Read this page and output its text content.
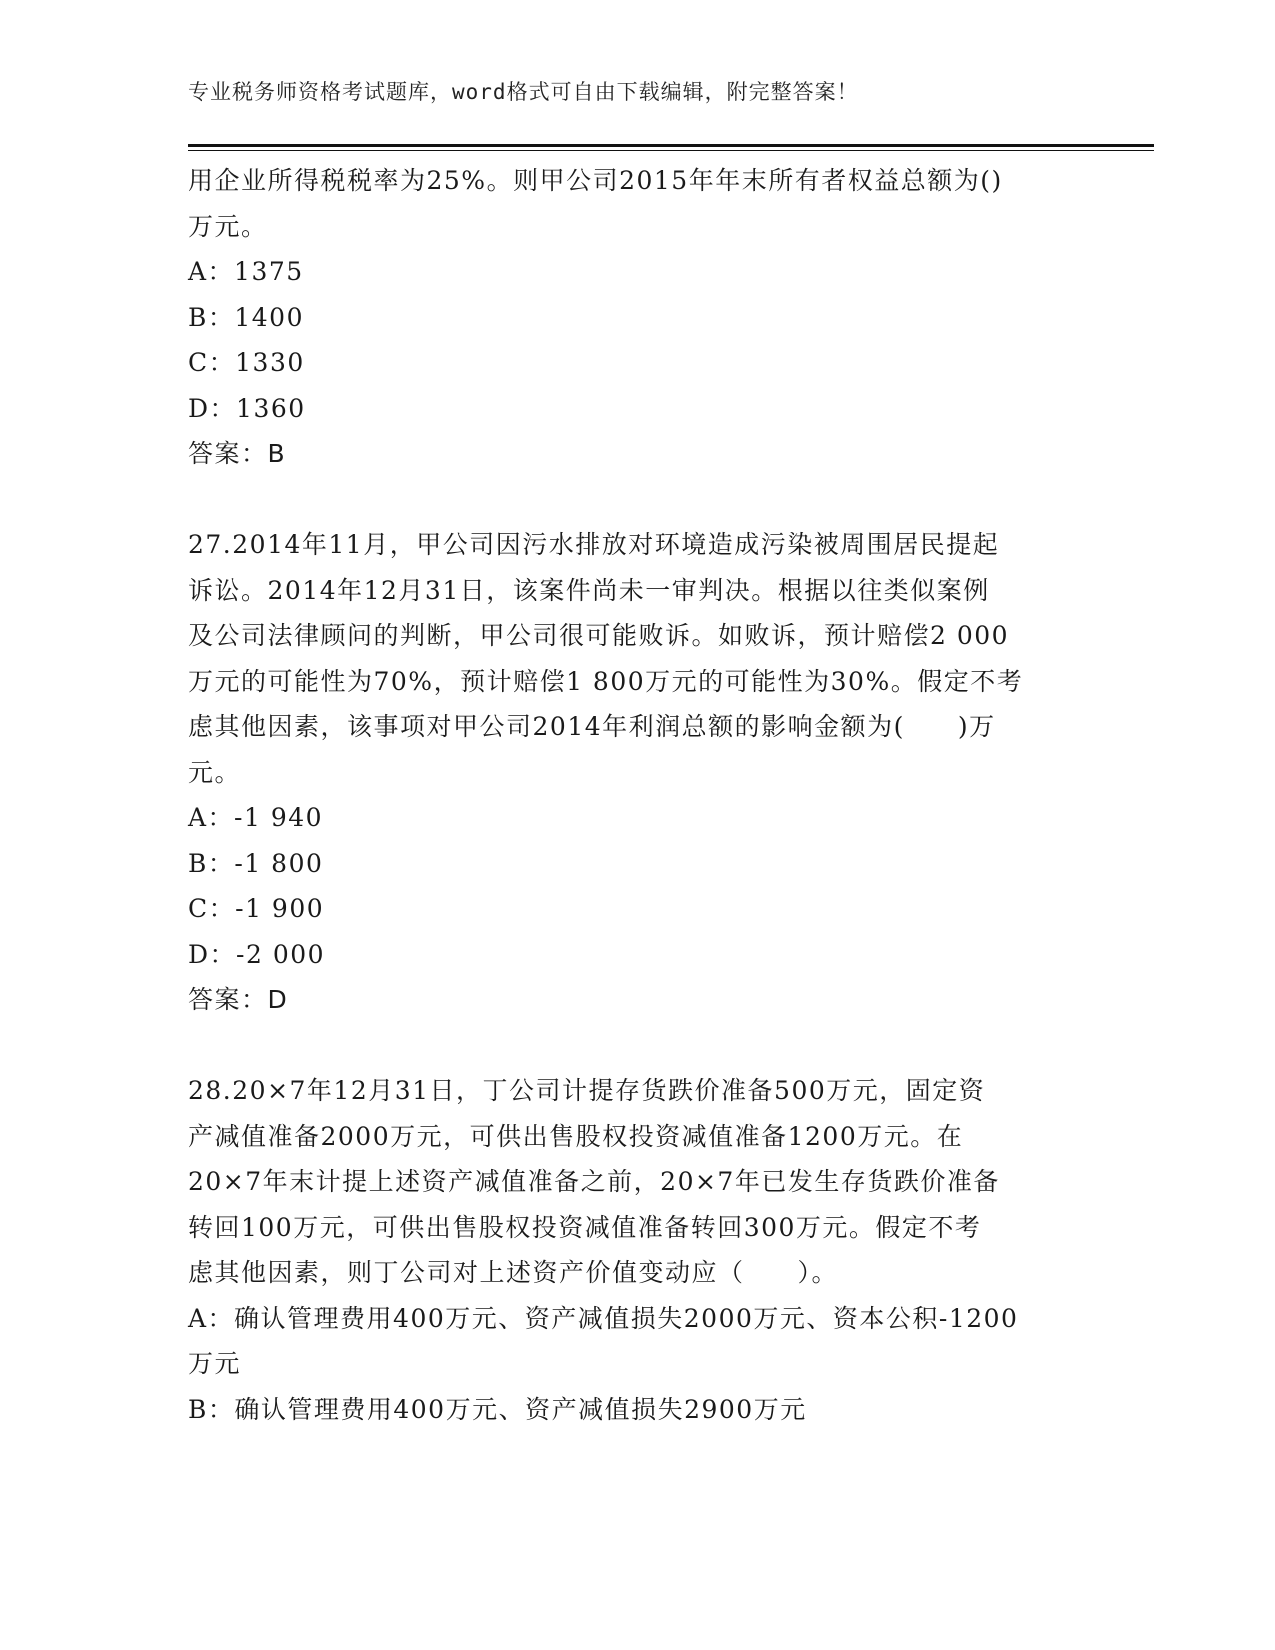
专业税务师资格考试题库，word格式可自由下载编辑，附完整答案！
用企业所得税税率为25%。则甲公司2015年年末所有者权益总额为()
万元。
A：1375
B：1400
C：1330
D：1360
答案：B
27.2014年11月，甲公司因污水排放对环境造成污染被周围居民提起
诉讼。2014年12月31日，该案件尚未一审判决。根据以往类似案例
及公司法律顾问的判断，甲公司很可能败诉。如败诉，预计赔偿2 000
万元的可能性为70%，预计赔偿1 800万元的可能性为30%。假定不考
虑其他因素，该事项对甲公司2014年利润总额的影响金额为(　　)万
元。
A：-1 940
B：-1 800
C：-1 900
D：-2 000
答案：D
28.20×7年12月31日，丁公司计提存货跌价准备500万元，固定资
产减值准备2000万元，可供出售股权投资减值准备1200万元。在
20×7年末计提上述资产减值准备之前，20×7年已发生存货跌价准备
转回100万元，可供出售股权投资减值准备转回300万元。假定不考
虑其他因素，则丁公司对上述资产价值变动应（　　）。
A：确认管理费用400万元、资产减值损失2000万元、资本公积-1200
万元
B：确认管理费用400万元、资产减值损失2900万元
